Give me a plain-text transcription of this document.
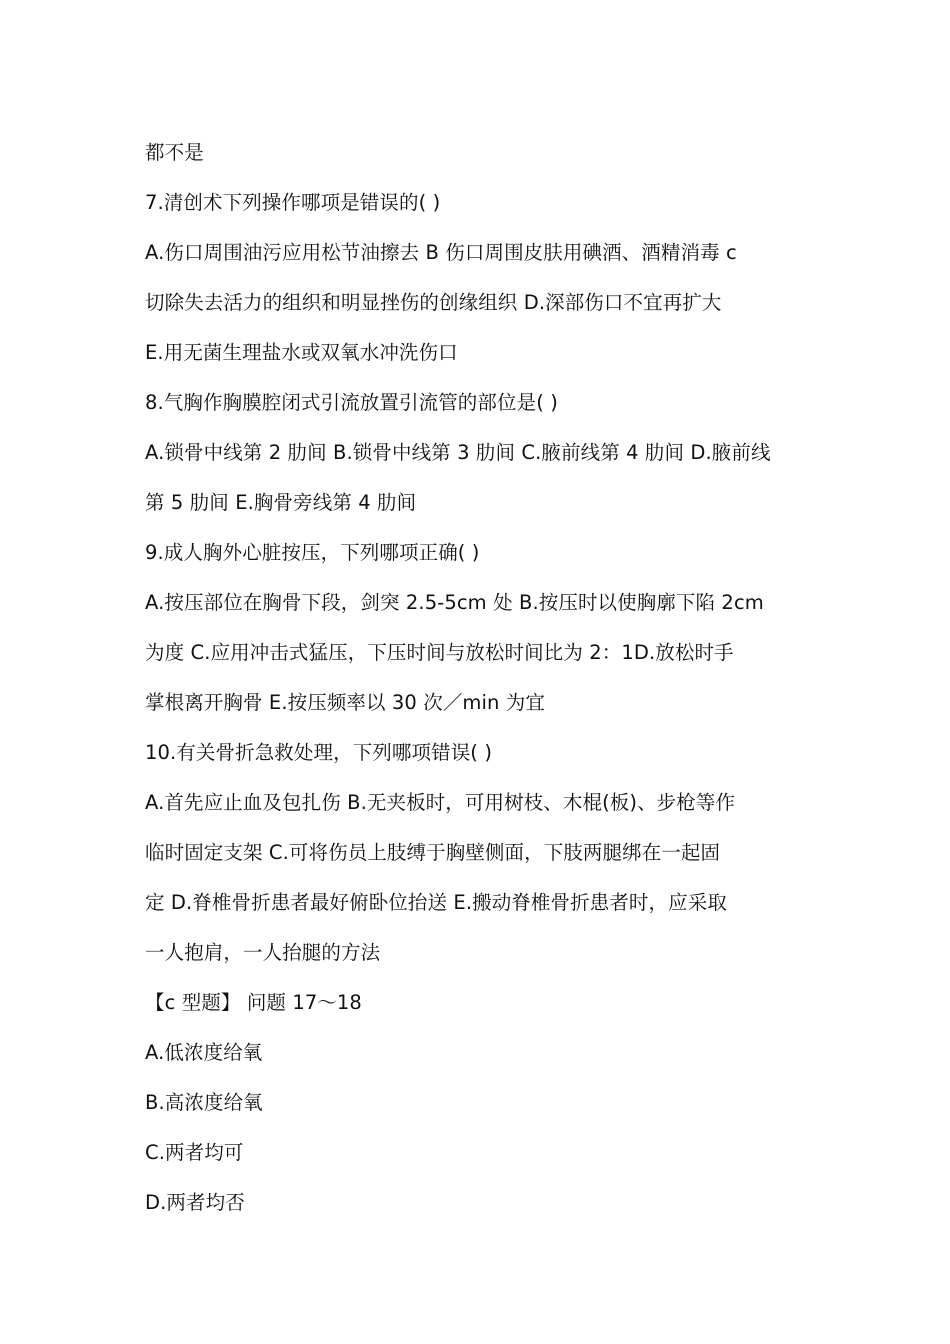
都不是
7.清创术下列操作哪项是错误的( )
A.伤口周围油污应用松节油擦去 B 伤口周围皮肤用碘酒、酒精消毒 c
切除失去活力的组织和明显挫伤的创缘组织 D.深部伤口不宜再扩大
E.用无菌生理盐水或双氧水冲洗伤口
8.气胸作胸膜腔闭式引流放置引流管的部位是( )
A.锁骨中线第 2 肋间 B.锁骨中线第 3 肋间 C.腋前线第 4 肋间 D.腋前线
第 5 肋间 E.胸骨旁线第 4 肋间
9.成人胸外心脏按压，下列哪项正确( )
A.按压部位在胸骨下段，剑突 2.5-5cm 处 B.按压时以使胸廓下陷 2cm
为度 C.应用冲击式猛压，下压时间与放松时间比为 2：1D.放松时手
掌根离开胸骨 E.按压频率以 30 次／min 为宜
10.有关骨折急救处理，下列哪项错误( )
A.首先应止血及包扎伤 B.无夹板时，可用树枝、木棍(板)、步枪等作
临时固定支架 C.可将伤员上肢缚于胸壁侧面，下肢两腿绑在一起固
定 D.脊椎骨折患者最好俯卧位抬送 E.搬动脊椎骨折患者时，应采取
一人抱肩，一人抬腿的方法
【c 型题】 问题 17～18
A.低浓度给氧
B.高浓度给氧
C.两者均可
D.两者均否
